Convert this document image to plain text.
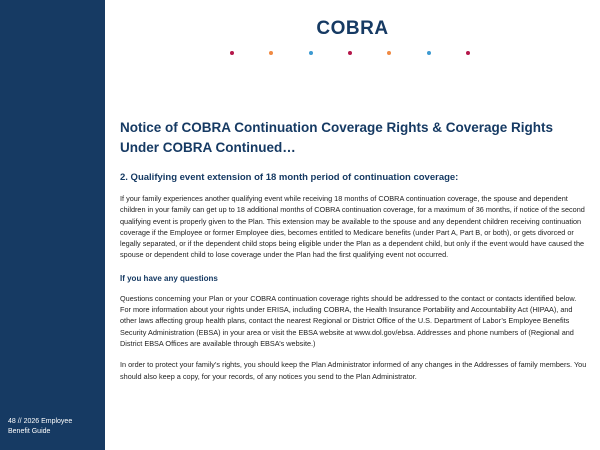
48 // 2026 Employee
Benefit Guide
COBRA
Notice of COBRA Continuation Coverage Rights & Coverage Rights Under COBRA Continued…
2. Qualifying event extension of 18 month period of continuation coverage:

If your family experiences another qualifying event while receiving 18 months of COBRA continuation coverage, the spouse and dependent children in your family can get up to 18 additional months of COBRA continuation coverage, for a maximum of 36 months, if notice of the second qualifying event is properly given to the Plan. This extension may be available to the spouse and any dependent children receiving continuation coverage if the Employee or former Employee dies, becomes entitled to Medicare benefits (under Part A, Part B, or both), or gets divorced or legally separated, or if the dependent child stops being eligible under the Plan as a dependent child, but only if the event would have caused the spouse or dependent child to lose coverage under the Plan had the first qualifying event not occurred.

If you have any questions

Questions concerning your Plan or your COBRA continuation coverage rights should be addressed to the contact or contacts identified below. For more information about your rights under ERISA, including COBRA, the Health Insurance Portability and Accountability Act (HIPAA), and other laws affecting group health plans, contact the nearest Regional or District Office of the U.S. Department of Labor’s Employee Benefits Security Administration (EBSA) in your area or visit the EBSA website at www.dol.gov/ebsa. Addresses and phone numbers of (Regional and District EBSA Offices are available through EBSA’s website.)

In order to protect your family’s rights, you should keep the Plan Administrator informed of any changes in the Addresses of family members. You should also keep a copy, for your records, of any notices you send to the Plan Administrator.
